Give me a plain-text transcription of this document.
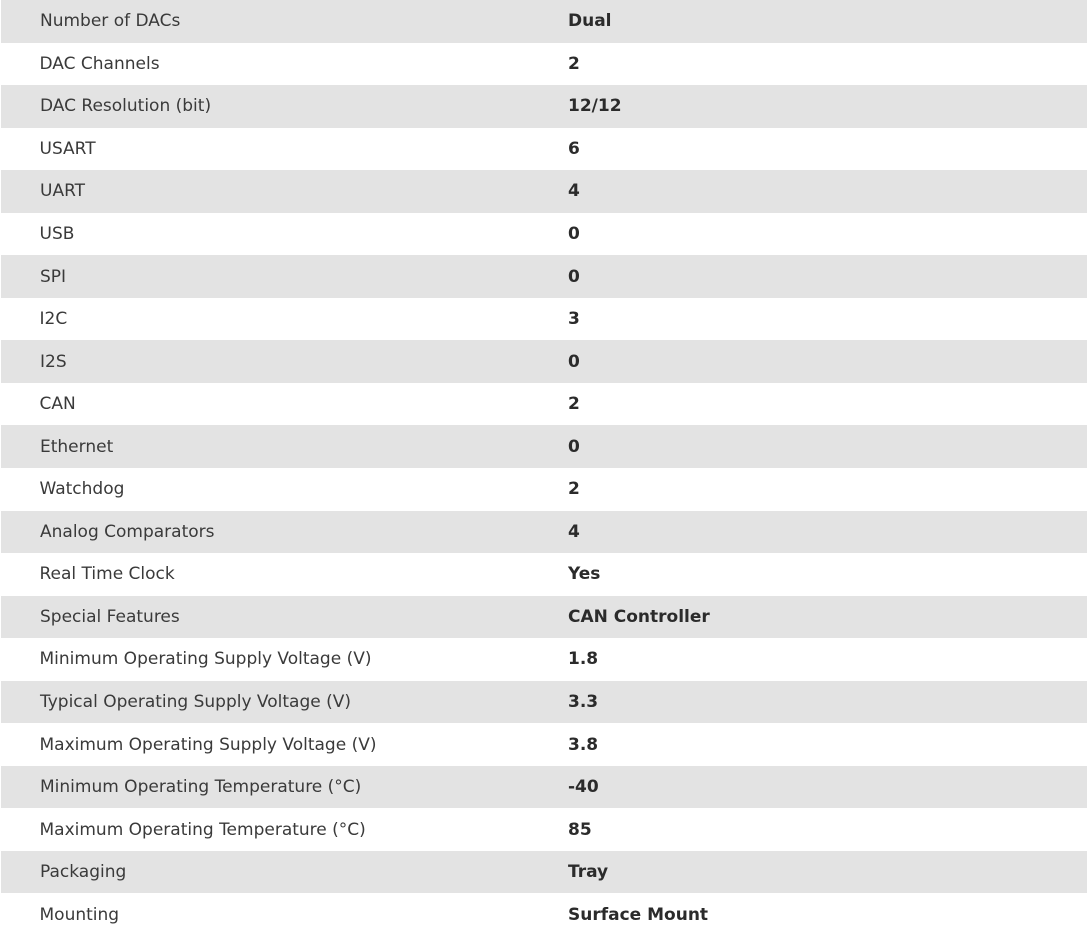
Number of DACs	Dual
DAC Channels	2
DAC Resolution (bit)	12/12
USART	6
UART	4
USB	0
SPI	0
I2C	3
I2S	0
CAN	2
Ethernet	0
Watchdog	2
Analog Comparators	4
Real Time Clock	Yes
Special Features	CAN Controller
Minimum Operating Supply Voltage (V)	1.8
Typical Operating Supply Voltage (V)	3.3
Maximum Operating Supply Voltage (V)	3.8
Minimum Operating Temperature (°C)	-40
Maximum Operating Temperature (°C)	85
Packaging	Tray
Mounting	Surface Mount
